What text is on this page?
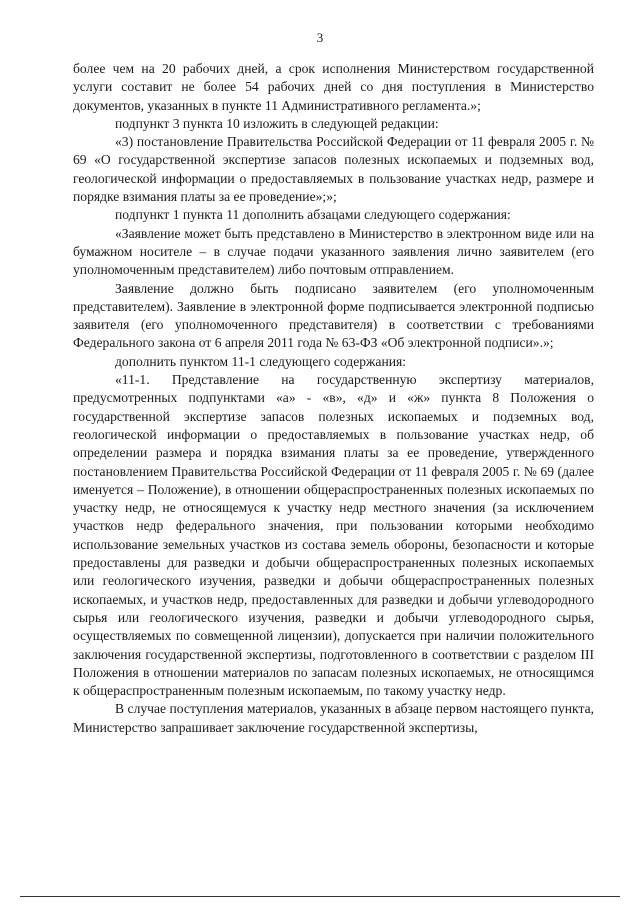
3

более чем на 20 рабочих дней, а срок исполнения Министерством государственной услуги составит не более 54 рабочих дней со дня поступления в Министерство документов, указанных в пункте 11 Административного регламента.»;

подпункт 3 пункта 10 изложить в следующей редакции:

«3) постановление Правительства Российской Федерации от 11 февраля 2005 г. № 69 «О государственной экспертизе запасов полезных ископаемых и подземных вод, геологической информации о предоставляемых в пользование участках недр, размере и порядке взимания платы за ее проведение»;»;

подпункт 1 пункта 11 дополнить абзацами следующего содержания:

«Заявление может быть представлено в Министерство в электронном виде или на бумажном носителе – в случае подачи указанного заявления лично заявителем (его уполномоченным представителем) либо почтовым отправлением.

Заявление должно быть подписано заявителем (его уполномоченным представителем). Заявление в электронной форме подписывается электронной подписью заявителя (его уполномоченного представителя) в соответствии с требованиями Федерального закона от 6 апреля 2011 года № 63-ФЗ «Об электронной подписи».»;

дополнить пунктом 11-1 следующего содержания:

«11-1. Представление на государственную экспертизу материалов, предусмотренных подпунктами «а» - «в», «д» и «ж» пункта 8 Положения о государственной экспертизе запасов полезных ископаемых и подземных вод, геологической информации о предоставляемых в пользование участках недр, об определении размера и порядка взимания платы за ее проведение, утвержденного постановлением Правительства Российской Федерации от 11 февраля 2005 г. № 69 (далее именуется – Положение), в отношении общераспространенных полезных ископаемых по участку недр, не относящемуся к участку недр местного значения (за исключением участков недр федерального значения, при пользовании которыми необходимо использование земельных участков из состава земель обороны, безопасности и которые предоставлены для разведки и добычи общераспространенных полезных ископаемых или геологического изучения, разведки и добычи общераспространенных полезных ископаемых, и участков недр, предоставленных для разведки и добычи углеводородного сырья или геологического изучения, разведки и добычи углеводородного сырья, осуществляемых по совмещенной лицензии), допускается при наличии положительного заключения государственной экспертизы, подготовленного в соответствии с разделом III Положения в отношении материалов по запасам полезных ископаемых, не относящимся к общераспространенным полезным ископаемым, по такому участку недр.

В случае поступления материалов, указанных в абзаце первом настоящего пункта, Министерство запрашивает заключение государственной экспертизы,
